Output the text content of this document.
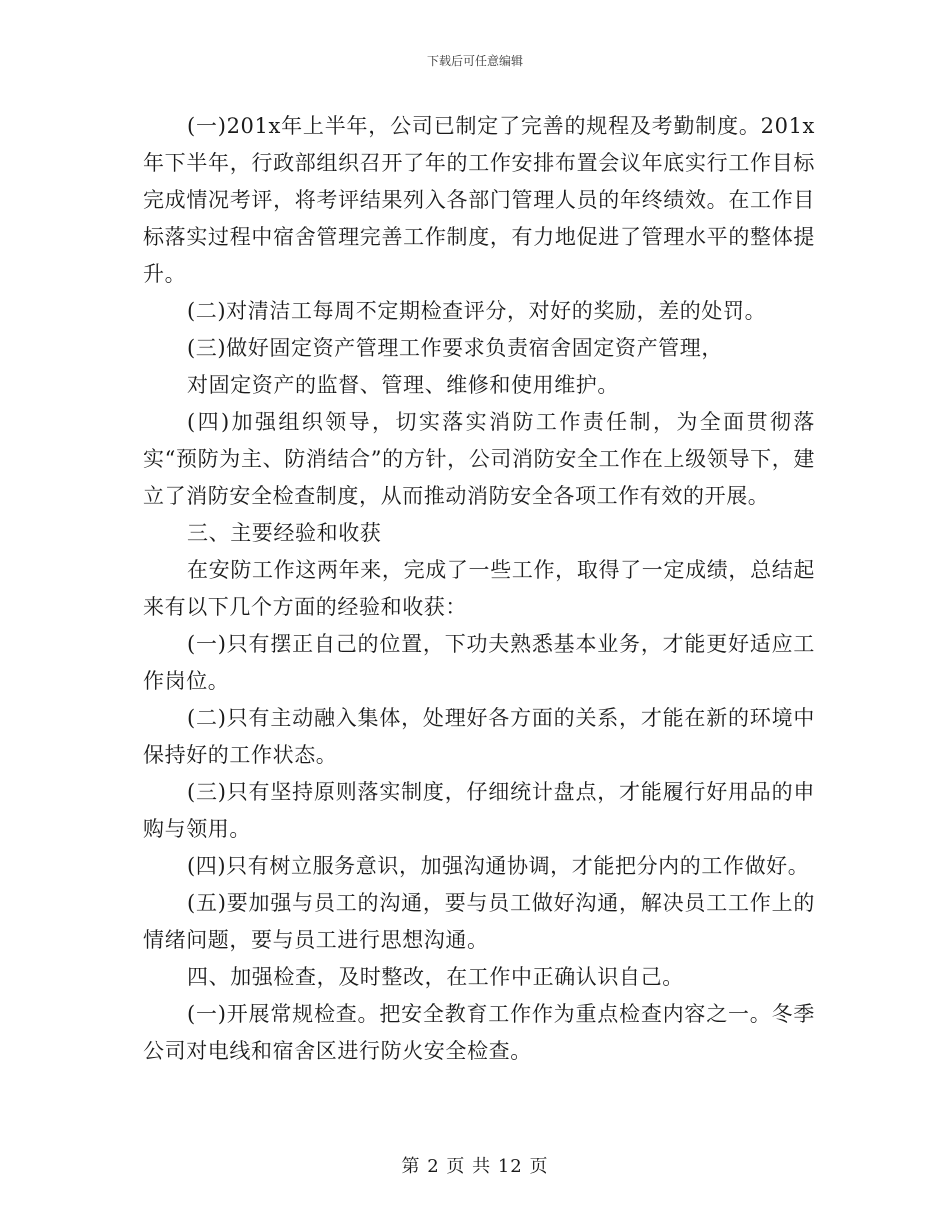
下载后可任意编辑

(一)201x年上半年，公司已制定了完善的规程及考勤制度。201x年下半年，行政部组织召开了年的工作安排布置会议年底实行工作目标完成情况考评，将考评结果列入各部门管理人员的年终绩效。在工作目标落实过程中宿舍管理完善工作制度，有力地促进了管理水平的整体提升。

(二)对清洁工每周不定期检查评分，对好的奖励，差的处罚。

(三)做好固定资产管理工作要求负责宿舍固定资产管理，

对固定资产的监督、管理、维修和使用维护。

(四)加强组织领导，切实落实消防工作责任制，为全面贯彻落实“预防为主、防消结合”的方针，公司消防安全工作在上级领导下，建立了消防安全检查制度，从而推动消防安全各项工作有效的开展。

三、主要经验和收获

在安防工作这两年来，完成了一些工作，取得了一定成绩，总结起来有以下几个方面的经验和收获：

(一)只有摆正自己的位置，下功夫熟悉基本业务，才能更好适应工作岗位。

(二)只有主动融入集体，处理好各方面的关系，才能在新的环境中保持好的工作状态。

(三)只有坚持原则落实制度，仔细统计盘点，才能履行好用品的申购与领用。

(四)只有树立服务意识，加强沟通协调，才能把分内的工作做好。

(五)要加强与员工的沟通，要与员工做好沟通，解决员工工作上的情绪问题，要与员工进行思想沟通。

四、加强检查，及时整改，在工作中正确认识自己。

(一)开展常规检查。把安全教育工作作为重点检查内容之一。冬季公司对电线和宿舍区进行防火安全检查。

第 2 页 共 12 页
